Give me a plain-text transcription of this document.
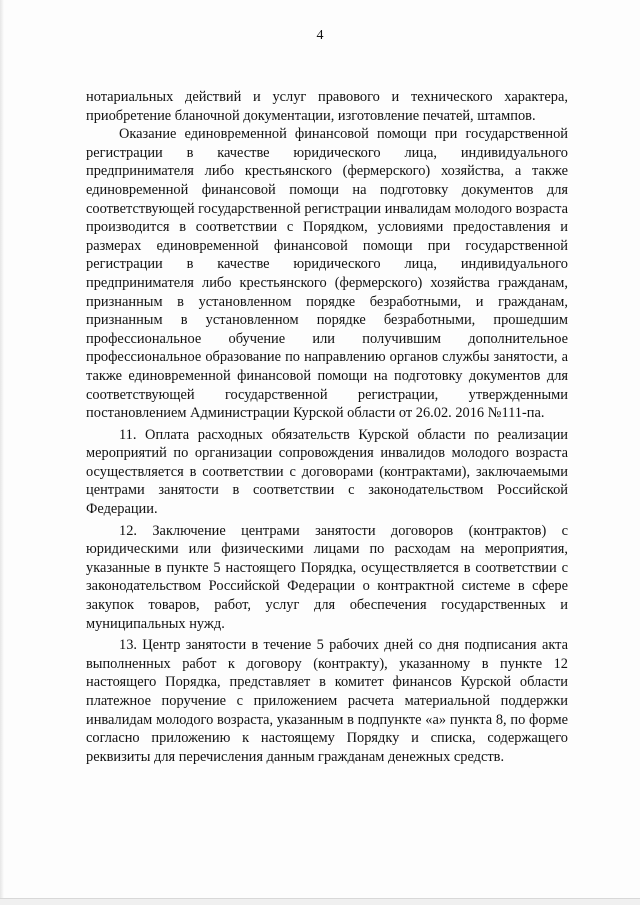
4

нотариальных действий и услуг правового и технического характера, приобретение бланочной документации, изготовление печатей, штампов.

Оказание единовременной финансовой помощи при государственной регистрации в качестве юридического лица, индивидуального предпринимателя либо крестьянского (фермерского) хозяйства, а также единовременной финансовой помощи на подготовку документов для соответствующей государственной регистрации инвалидам молодого возраста производится в соответствии с Порядком, условиями предоставления и размерах единовременной финансовой помощи при государственной регистрации в качестве юридического лица, индивидуального предпринимателя либо крестьянского (фермерского) хозяйства гражданам, признанным в установленном порядке безработными, и гражданам, признанным в установленном порядке безработными, прошедшим профессиональное обучение или получившим дополнительное профессиональное образование по направлению органов службы занятости, а также единовременной финансовой помощи на подготовку документов для соответствующей государственной регистрации, утвержденными постановлением Администрации Курской области от 26.02. 2016 №111-па.

11. Оплата расходных обязательств Курской области по реализации мероприятий по организации сопровождения инвалидов молодого возраста осуществляется в соответствии с договорами (контрактами), заключаемыми центрами занятости в соответствии с законодательством Российской Федерации.

12. Заключение центрами занятости договоров (контрактов) с юридическими или физическими лицами по расходам на мероприятия, указанные в пункте 5 настоящего Порядка, осуществляется в соответствии с законодательством Российской Федерации о контрактной системе в сфере закупок товаров, работ, услуг для обеспечения государственных и муниципальных нужд.

13. Центр занятости в течение 5 рабочих дней со дня подписания акта выполненных работ к договору (контракту), указанному в пункте 12 настоящего Порядка, представляет в комитет финансов Курской области платежное поручение с приложением расчета материальной поддержки инвалидам молодого возраста, указанным в подпункте «а» пункта 8, по форме согласно приложению к настоящему Порядку и списка, содержащего реквизиты для перечисления данным гражданам денежных средств.
